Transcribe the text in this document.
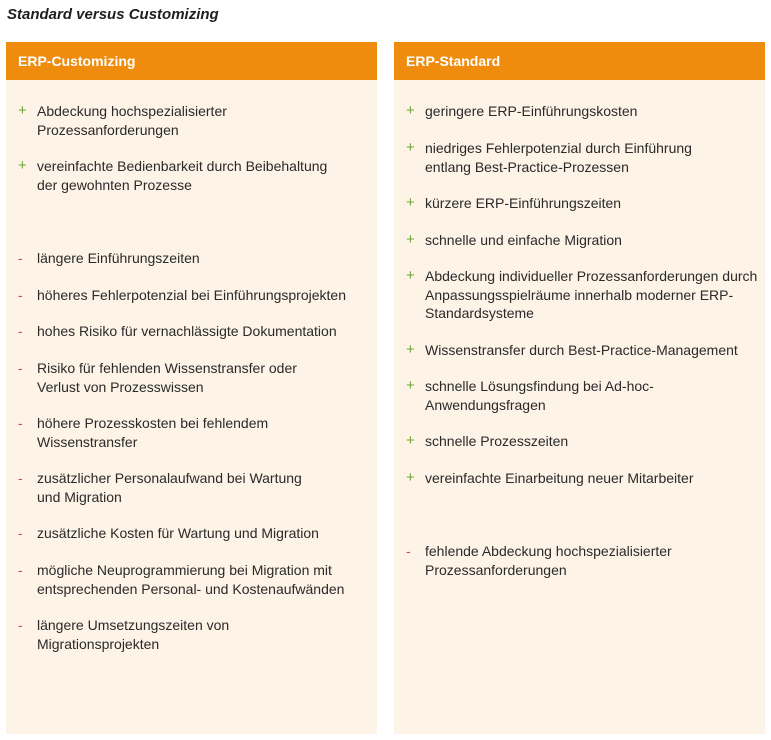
Standard versus Customizing
ERP-Customizing
+ Abdeckung hochspezialisierter Prozessanforderungen
+ vereinfachte Bedienbarkeit durch Beibehaltung der gewohnten Prozesse
-	längere Einführungszeiten
-	höheres Fehlerpotenzial bei Einführungsprojekten
-	hohes Risiko für vernachlässigte Dokumentation
-	Risiko für fehlenden Wissenstransfer oder Verlust von Prozesswissen
-	höhere Prozesskosten bei fehlendem Wissenstransfer
-	zusätzlicher Personalaufwand bei Wartung und Migration
-	zusätzliche Kosten für Wartung und Migration
-	mögliche Neuprogrammierung bei Migration mit entsprechenden Personal- und Kostenaufwänden
-	längere Umsetzungszeiten von Migrationsprojekten
ERP-Standard
+ geringere ERP-Einführungskosten
+ niedriges Fehlerpotenzial durch Einführung entlang Best-Practice-Prozessen
+ kürzere ERP-Einführungszeiten
+ schnelle und einfache Migration
+ Abdeckung individueller Prozessanforderungen durch Anpassungsspielräume innerhalb moderner ERP-Standardsysteme
+ Wissenstransfer durch Best-Practice-Management
+ schnelle Lösungsfindung bei Ad-hoc-Anwendungsfragen
+ schnelle Prozesszeiten
+ vereinfachte Einarbeitung neuer Mitarbeiter
-	fehlende Abdeckung hochspezialisierter Prozessanforderungen
